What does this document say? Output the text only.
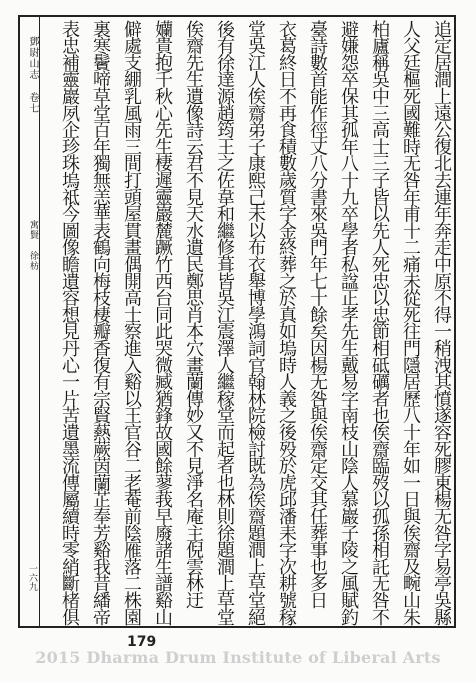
鄧尉山志 卷七
寓賢 徐枋
一六九	追定居澗上遠公復北去連年奔走中原不得一稍洩其憤遂容死膠東楊无咎字易亭吳縣
人父廷樞死國難時无咎年甫十二痛未從死往門隱居歷八十年如一日與俟齋及畹山朱
柏廬稱吳中三高士三子皆以先人死忠以忠節相砥礪者也俟齋臨歿以孤孫相託无咎不
避嫌怨卒保其孤年八十九卒學者私諡正孝先生戴易字南枝山陰人慕巖子陵之風賦釣
臺詩數首能作徑丈八分書來吳門年七十餘矣因楊无咎與俟齋定交其任葬事也多日
衣葛終日不再食積數歲質字金終葬之於真如塢時人義之後殁於虎邱潘耒字次耕號稼
堂吳江人俟齋弟子康熙己未以布衣舉博學鴻詞官翰林院檢討既為俟齋題澗上草堂絕
後有徐達源趙筠王之佐韋和繼修葺皆吳江震澤人繼稼堂而起者也林則徐題澗上草堂
俟齋先生遺像詩云君不見天水遺民鄭思肖本穴畫蘭傳妙又不見淨名庵主倪雲林迂
孏貴抱千秋心先生棲遲靈巖麓蹶竹西台同此哭微臧猶鋒故國餘蓼莪早廢諸生譜谿山
僻處支綳乳風雨三間打頭屋貫畫偶開高士察進入谿以王官谷二老菴前陰雁落二株園
裏寒鬢啼草堂百年獨無恙華表鶴向梅枝棲瓣香復有宗賢爇蕨茵蘭芷奉芳谿我昔繙帝
表忠補靈巖夙企珍珠塢祗今圖像瞻遺容想見丹心一片苦遺墨流傳屬續時零綃斷楮俱
179
2015 Dharma Drum Institute of Liberal Arts
